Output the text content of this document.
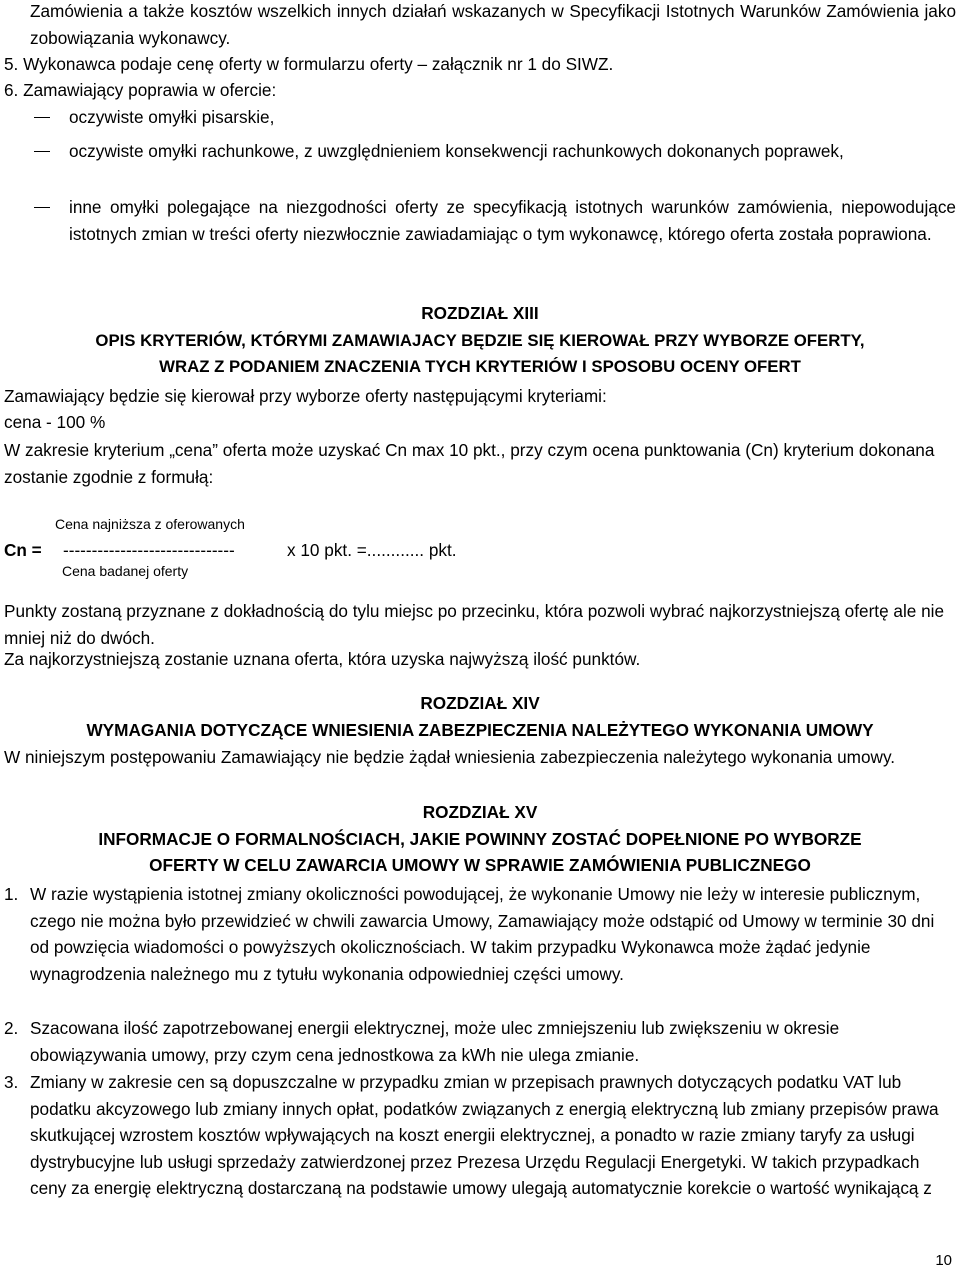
Zamówienia a także kosztów wszelkich innych działań wskazanych w Specyfikacji Istotnych Warunków Zamówienia jako zobowiązania wykonawcy.

5. Wykonawca podaje cenę oferty w formularzu oferty – załącznik nr 1 do SIWZ.

6. Zamawiający poprawia w ofercie:

oczywiste omyłki pisarskie,

oczywiste omyłki rachunkowe, z uwzględnieniem konsekwencji rachunkowych dokonanych poprawek,

inne omyłki polegające na niezgodności oferty ze specyfikacją istotnych warunków zamówienia, niepowodujące istotnych zmian w treści oferty niezwłocznie zawiadamiając o tym wykonawcę, którego oferta została poprawiona.

ROZDZIAŁ XIII

OPIS KRYTERIÓW, KTÓRYMI ZAMAWIAJACY BĘDZIE SIĘ KIEROWAŁ PRZY WYBORZE OFERTY,

WRAZ Z PODANIEM ZNACZENIA TYCH KRYTERIÓW I SPOSOBU OCENY OFERT

Zamawiający będzie się kierował przy wyborze oferty następującymi kryteriami:

cena - 100 %

W zakresie kryterium „cena” oferta może uzyskać Cn max 10 pkt., przy czym ocena punktowania (Cn) kryterium dokonana zostanie zgodnie z formułą:

Cena najniższa z oferowanych

Cn = ------------------------------	x 10 pkt. =............ pkt.

Cena badanej oferty

Punkty zostaną przyznane z dokładnością do tylu miejsc po przecinku, która pozwoli wybrać najkorzystniejszą ofertę ale nie mniej niż do dwóch.

Za najkorzystniejszą zostanie uznana oferta, która uzyska najwyższą ilość punktów.

ROZDZIAŁ XIV

WYMAGANIA DOTYCZĄCE WNIESIENIA ZABEZPIECZENIA NALEŻYTEGO WYKONANIA UMOWY

W niniejszym postępowaniu Zamawiający nie będzie żądał wniesienia zabezpieczenia należytego wykonania umowy.

ROZDZIAŁ XV

INFORMACJE O FORMALNOŚCIACH, JAKIE POWINNY ZOSTAĆ DOPEŁNIONE PO WYBORZE

OFERTY W CELU ZAWARCIA UMOWY W SPRAWIE ZAMÓWIENIA PUBLICZNEGO

1. W razie wystąpienia istotnej zmiany okoliczności powodującej, że wykonanie Umowy nie leży w interesie publicznym, czego nie można było przewidzieć w chwili zawarcia Umowy, Zamawiający może odstąpić od Umowy w terminie 30 dni od powzięcia wiadomości o powyższych okolicznościach. W takim przypadku Wykonawca może żądać jedynie wynagrodzenia należnego mu z tytułu wykonania odpowiedniej części umowy.

2. Szacowana ilość zapotrzebowanej energii elektrycznej, może ulec zmniejszeniu lub zwiększeniu w okresie obowiązywania umowy, przy czym cena jednostkowa za kWh nie ulega zmianie.

3. Zmiany w zakresie cen są dopuszczalne w przypadku zmian w przepisach prawnych dotyczących podatku VAT lub podatku akcyzowego lub zmiany innych opłat, podatków związanych z energią elektryczną lub zmiany przepisów prawa skutkującej wzrostem kosztów wpływających na koszt energii elektrycznej, a ponadto w razie zmiany taryfy za usługi dystrybucyjne lub usługi sprzedaży zatwierdzonej przez Prezesa Urzędu Regulacji Energetyki. W takich przypadkach ceny za energię elektryczną dostarczaną na podstawie umowy ulegają automatycznie korekcie o wartość wynikającą z

10
